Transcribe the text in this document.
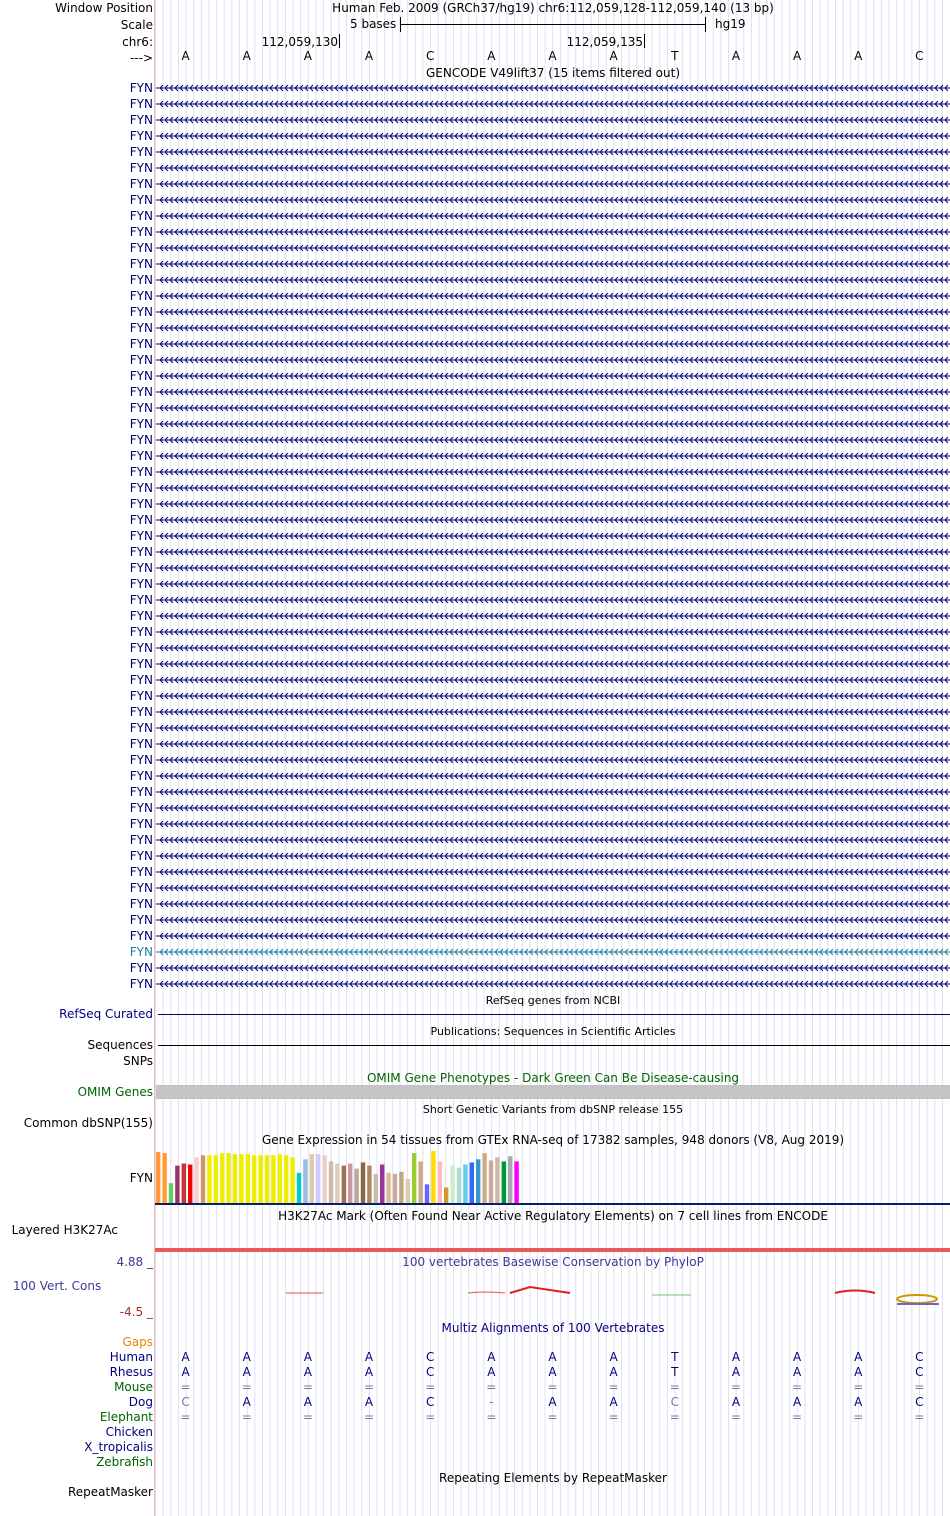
Window Position	Human Feb. 2009 (GRCh37/hg19) chr6:112,059,128-112,059,140 (13 bp)
Scale	5 bases	hg19
chr6:	112,059,130	112,059,135
---> A	A	A	A	C	A	A	A	T	A	A	A	C
GENCODE V49lift37 (15 items filtered out)
FYN
FYN
FYN
FYN
FYN
FYN
FYN
FYN
FYN
FYN
FYN
FYN
FYN
FYN
FYN
FYN
FYN
FYN
FYN
FYN
FYN
FYN
FYN
FYN
FYN
FYN
FYN
FYN
FYN
FYN
FYN
FYN
FYN
FYN
FYN
FYN
FYN
FYN
FYN
FYN
FYN
FYN
FYN
FYN
FYN
FYN
FYN
FYN
FYN
FYN
FYN
FYN
FYN
FYN
FYN
FYN
FYN
RefSeq genes from NCBI
RefSeq Curated
Publications: Sequences in Scientific Articles
Sequences
SNPs
OMIM Gene Phenotypes - Dark Green Can Be Disease-causing
OMIM Genes
Short Genetic Variants from dbSNP release 155
Common dbSNP(155)
Gene Expression in 54 tissues from GTEx RNA-seq of 17382 samples, 948 donors (V8, Aug 2019)
FYN
H3K27Ac Mark (Often Found Near Active Regulatory Elements) on 7 cell lines from ENCODE
Layered H3K27Ac
100 vertebrates Basewise Conservation by PhyloP
4.88 _
100 Vert. Cons
-4.5 _
Multiz Alignments of 100 Vertebrates
Gaps
Human A	A	A	A	C	A	A	A	T	A	A	A	C
Rhesus A	A	A	A	C	A	A	A	T	A	A	A	C
Mouse =	=	=	=	=	=	=	=	=	=	=	=	=
Dog C	A	A	A	C	-	A	A	C	A	A	A	C
Elephant =	=	=	=	=	=	=	=	=	=	=	=	=
Chicken
X_tropicalis
Zebrafish
Repeating Elements by RepeatMasker
RepeatMasker
